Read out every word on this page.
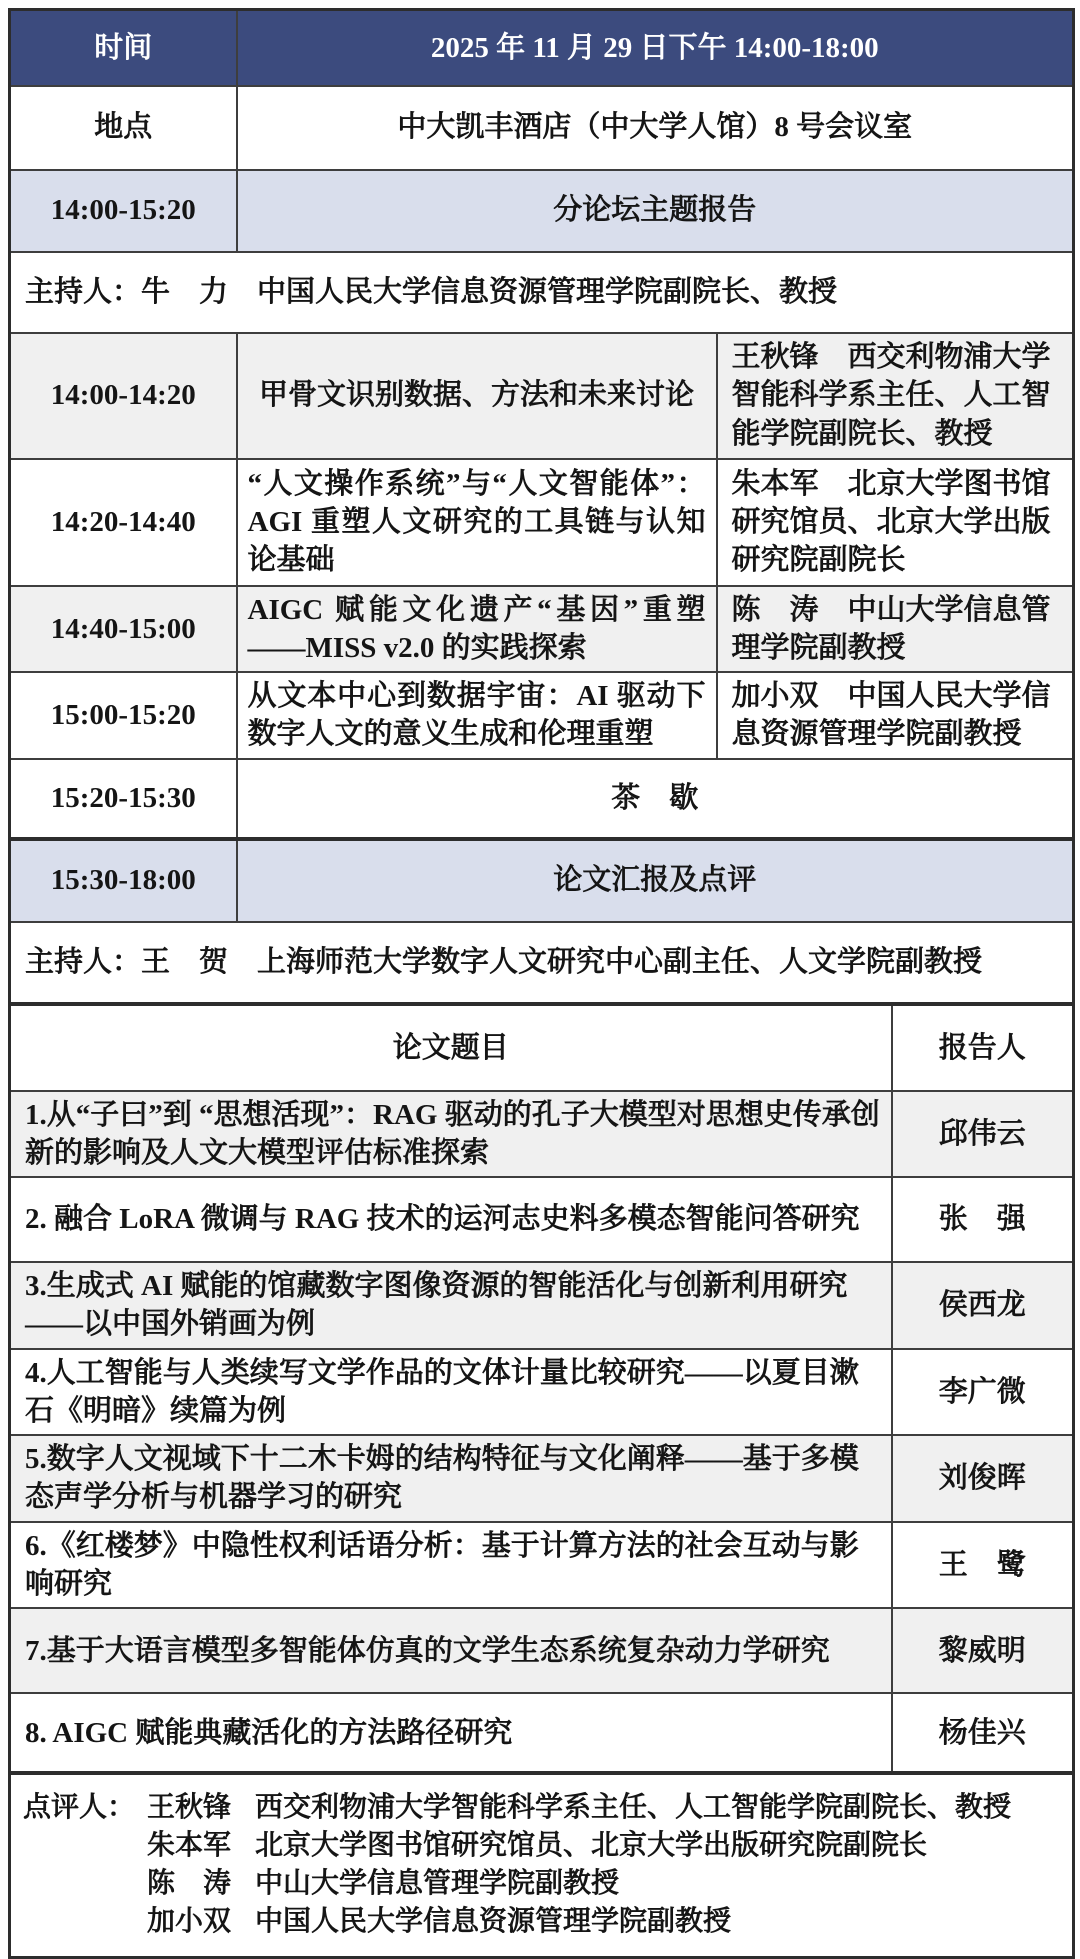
时间	2025 年 11 月 29 日下午 14:00-18:00	
地点	中大凯丰酒店（中大学人馆）8 号会议室	
14:00-15:20	分论坛主题报告	
主持人：牛　力　中国人民大学信息资源管理学院副院长、教授		
14:00-14:20	甲骨文识别数据、方法和未来讨论	王秋锋　西交利物浦大学智能科学系主任、人工智能学院副院长、教授
14:20-14:40	“人文操作系统”与“人文智能体”：AGI 重塑人文研究的工具链与认知论基础	朱本军　北京大学图书馆研究馆员、北京大学出版研究院副院长
14:40-15:00	AIGC 赋能文化遗产“基因”重塑——MISS v2.0 的实践探索	陈　涛　中山大学信息管理学院副教授
15:00-15:20	从文本中心到数据宇宙：AI 驱动下数字人文的意义生成和伦理重塑	加小双　中国人民大学信息资源管理学院副教授
15:20-15:30	茶　歇	
15:30-18:00	论文汇报及点评	
主持人：王　贺　上海师范大学数字人文研究中心副主任、人文学院副教授		
论文题目	报告人
1.从“子曰”到 “思想活现”：RAG 驱动的孔子大模型对思想史传承创新的影响及人文大模型评估标准探索	邱伟云
2. 融合 LoRA 微调与 RAG 技术的运河志史料多模态智能问答研究	张　强
3.生成式 AI 赋能的馆藏数字图像资源的智能活化与创新利用研究——以中国外销画为例	侯西龙
4.人工智能与人类续写文学作品的文体计量比较研究——以夏目漱石《明暗》续篇为例	李广微
5.数字人文视域下十二木卡姆的结构特征与文化阐释——基于多模态声学分析与机器学习的研究	刘俊晖
6.《红楼梦》中隐性权利话语分析：基于计算方法的社会互动与影响研究	王　鹭
7.基于大语言模型多智能体仿真的文学生态系统复杂动力学研究	黎威明
8. AIGC 赋能典藏活化的方法路径研究	杨佳兴

点评人： 王秋锋 西交利物浦大学智能科学系主任、人工智能学院副院长、教授
朱本军 北京大学图书馆研究馆员、北京大学出版研究院副院长
陈　涛 中山大学信息管理学院副教授
加小双 中国人民大学信息资源管理学院副教授
